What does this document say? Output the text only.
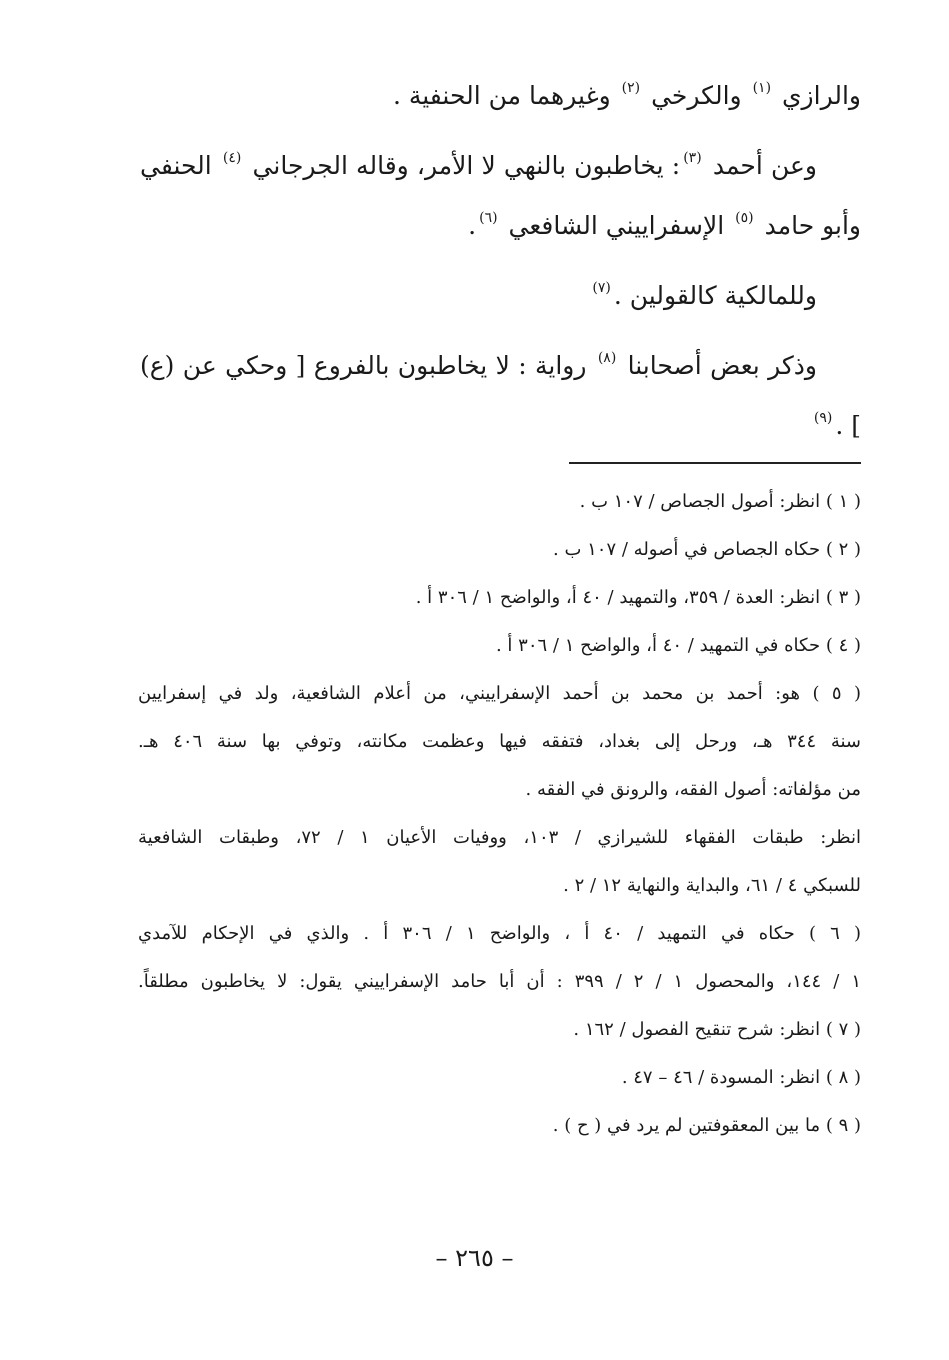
والرازي $^{(١)}$ والكرخي $^{(٢)}$ وغيرهما من الحنفية .

وعن أحمد $^{(٣)}$: يخاطبون بالنهي لا الأمر، وقاله الجرجاني $^{(٤)}$ الحنفي وأبو حامد $^{(٥)}$ الإسفراييني الشافعي $^{(٦)}$.

وللمالكية كالقولين .$^{(٧)}$

وذكر بعض أصحابنا $^{(٨)}$ رواية : لا يخاطبون بالفروع [ وحكي عن (ع) ] .$^{(٩)}$

( ١ ) انظر: أصول الجصاص / ١٠٧ ب .

( ٢ ) حكاه الجصاص في أصوله / ١٠٧ ب .

( ٣ ) انظر: العدة / ٣٥٩، والتمهيد / ٤٠ أ، والواضح ١ / ٣٠٦ أ .

( ٤ ) حكاه في التمهيد / ٤٠ أ، والواضح ١ / ٣٠٦ أ .

( ٥ ) هو: أحمد بن محمد بن أحمد الإسفراييني، من أعلام الشافعية، ولد في إسفرايين

سنة ٣٤٤ هـ، ورحل إلى بغداد، فتفقه فيها وعظمت مكانته، وتوفي بها سنة ٤٠٦ هـ.

من مؤلفاته: أصول الفقه، والرونق في الفقه .

انظر: طبقات الفقهاء للشيرازي / ١٠٣، ووفيات الأعيان ١ / ٧٢، وطبقات الشافعية

للسبكي ٤ / ٦١، والبداية والنهاية ١٢ / ٢ .

( ٦ ) حكاه في التمهيد / ٤٠ أ ، والواضح ١ / ٣٠٦ أ . والذي في الإحكام للآمدي

١ / ١٤٤، والمحصول ١ / ٢ / ٣٩٩ : أن أبا حامد الإسفراييني يقول: لا يخاطبون مطلقاً.

( ٧ ) انظر: شرح تنقيح الفصول / ١٦٢ .

( ٨ ) انظر: المسودة / ٤٦ – ٤٧ .

( ٩ ) ما بين المعقوفتين لم يرد في ( ح ) .

– ٢٦٥ –
